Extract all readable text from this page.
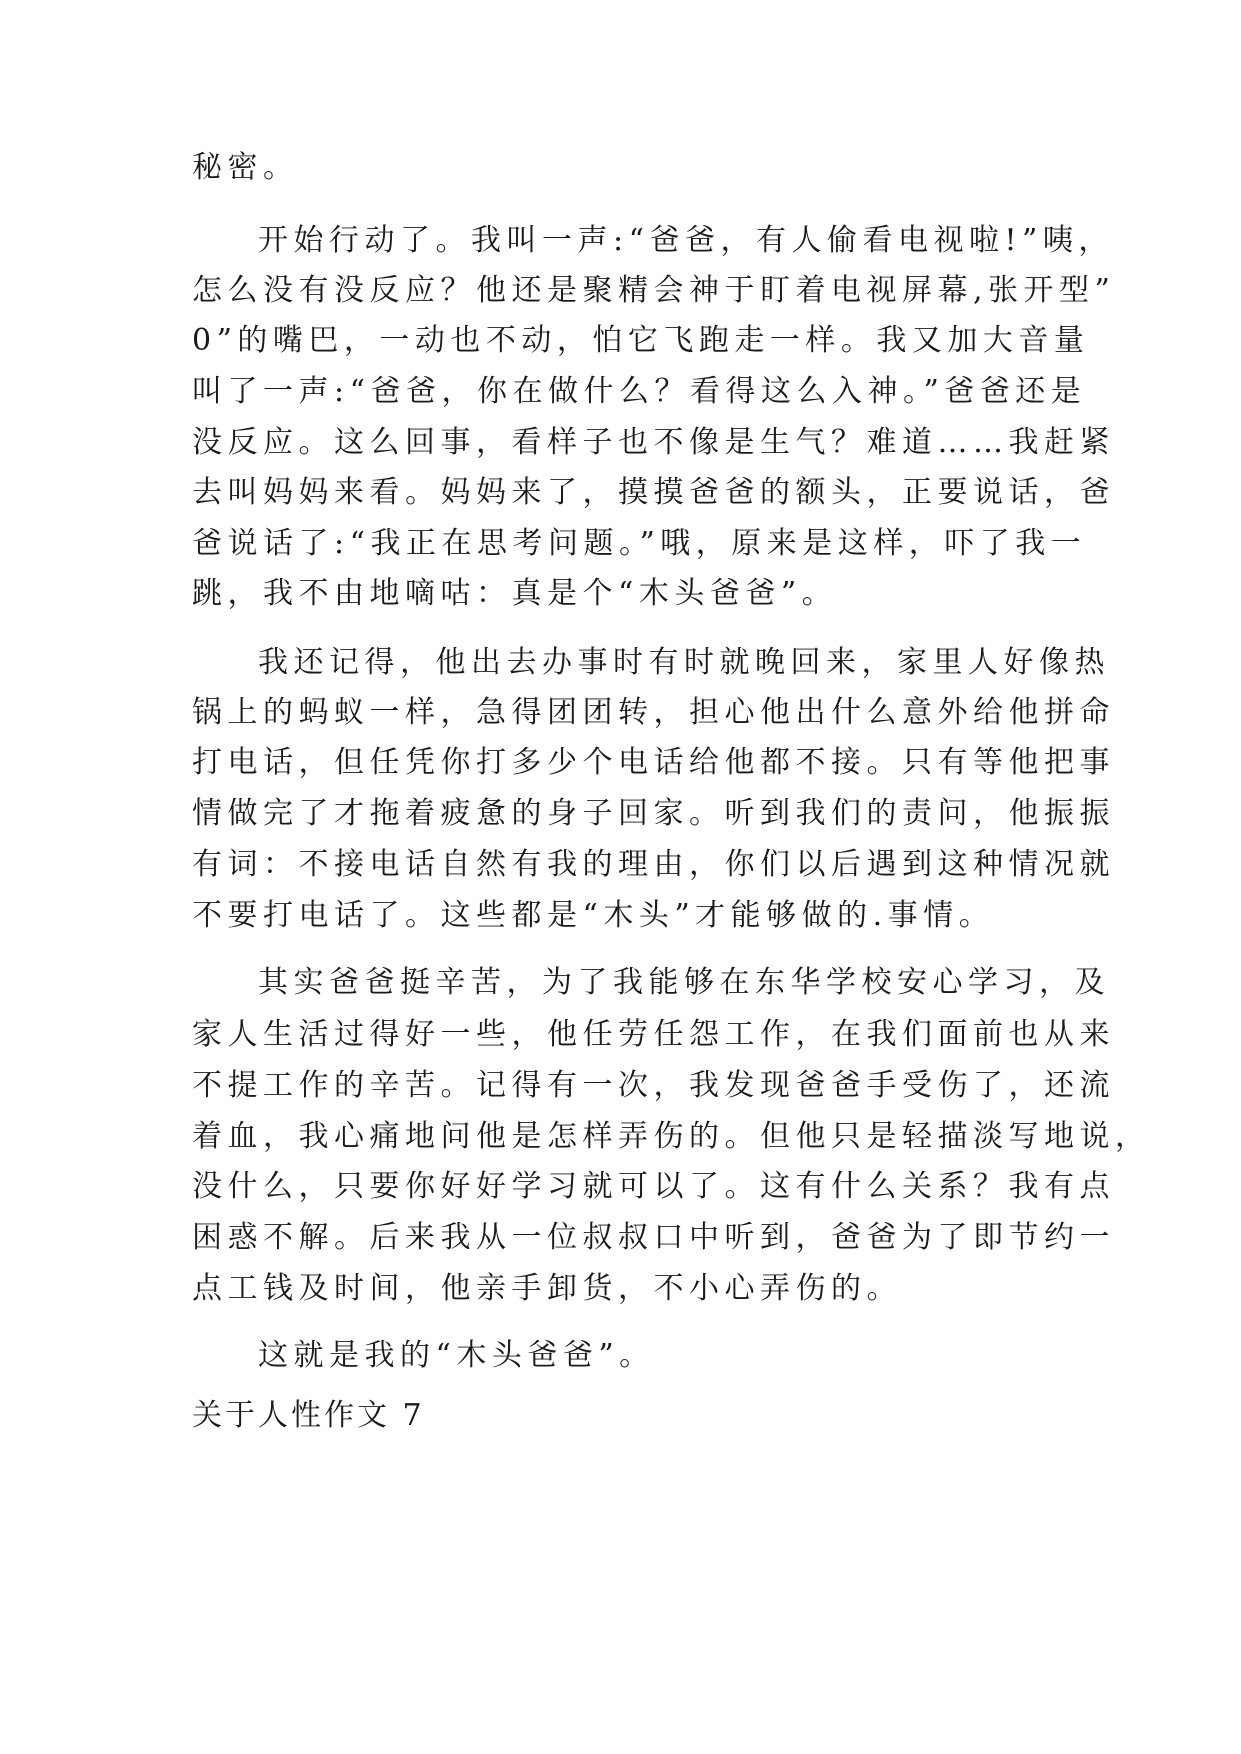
秘密。
开始行动了。我叫一声:“爸爸，有人偷看电视啦!”咦，
怎么没有没反应？他还是聚精会神于盯着电视屏幕,张开型”
0”的嘴巴，一动也不动，怕它飞跑走一样。我又加大音量
叫了一声:“爸爸，你在做什么？看得这么入神。”爸爸还是
没反应。这么回事，看样子也不像是生气？难道……我赶紧
去叫妈妈来看。妈妈来了，摸摸爸爸的额头，正要说话，爸
爸说话了:“我正在思考问题。”哦，原来是这样，吓了我一
跳，我不由地嘀咕：真是个“木头爸爸”。
我还记得，他出去办事时有时就晚回来，家里人好像热
锅上的蚂蚁一样，急得团团转，担心他出什么意外给他拼命
打电话，但任凭你打多少个电话给他都不接。只有等他把事
情做完了才拖着疲惫的身子回家。听到我们的责问，他振振
有词：不接电话自然有我的理由，你们以后遇到这种情况就
不要打电话了。这些都是“木头”才能够做的.事情。
其实爸爸挺辛苦，为了我能够在东华学校安心学习，及
家人生活过得好一些，他任劳任怨工作，在我们面前也从来
不提工作的辛苦。记得有一次，我发现爸爸手受伤了，还流
着血，我心痛地问他是怎样弄伤的。但他只是轻描淡写地说，
没什么，只要你好好学习就可以了。这有什么关系？我有点
困惑不解。后来我从一位叔叔口中听到，爸爸为了即节约一
点工钱及时间，他亲手卸货，不小心弄伤的。
这就是我的“木头爸爸”。
关于人性作文 7
